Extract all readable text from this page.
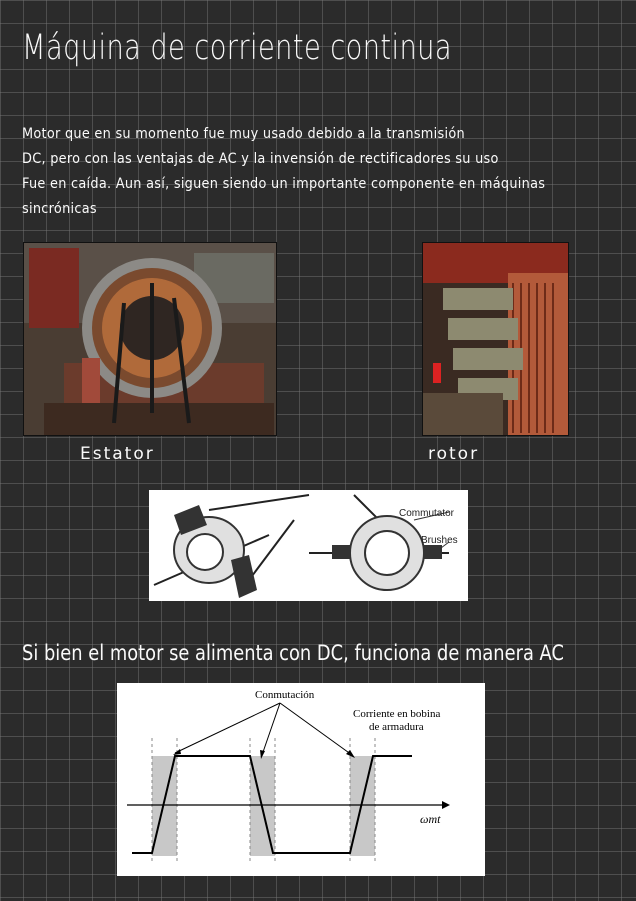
Máquina de corriente continua
Motor que en su momento fue muy usado debido a la transmisión
DC, pero con las ventajas de AC y la invensión de rectificadores su uso
Fue en caída. Aun así, siguen siendo un importante componente en máquinas
sincrónicas
Estator	rotor
Commutator
Brushes
Si bien el motor se alimenta con DC, funciona de manera AC
Conmutación
Corriente en bobina
de armadura
ωmt
